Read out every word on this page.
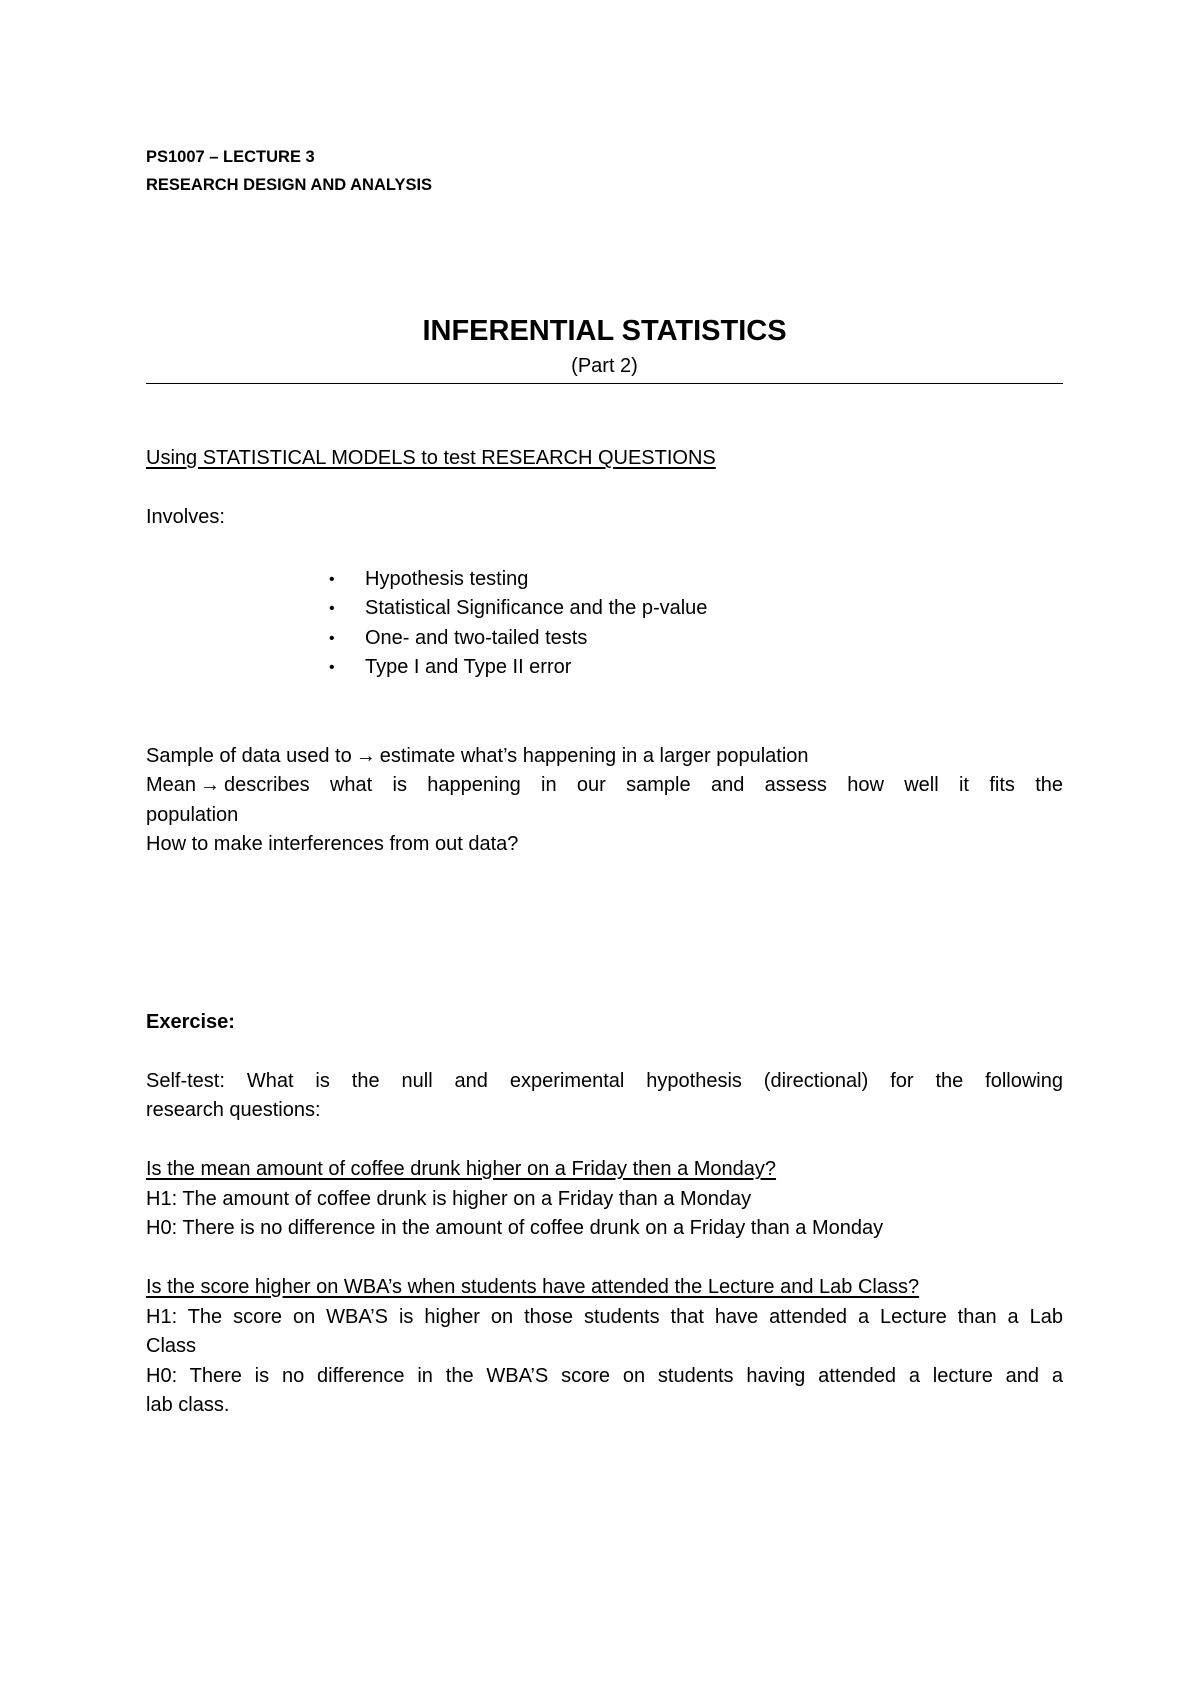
PS1007 – LECTURE 3

RESEARCH DESIGN AND ANALYSIS

INFERENTIAL STATISTICS

(Part 2)

Using STATISTICAL MODELS to test RESEARCH QUESTIONS

Involves:

• Hypothesis testing
• Statistical Significance and the p-value
• One- and two-tailed tests
• Type I and Type II error

Sample of data used to → estimate what’s happening in a larger population

Mean → describes what is happening in our sample and assess how well it fits the

population

How to make interferences from out data?

Exercise:

Self-test: What is the null and experimental hypothesis (directional) for the following

research questions:

Is the mean amount of coffee drunk higher on a Friday then a Monday?

H1: The amount of coffee drunk is higher on a Friday than a Monday

H0: There is no difference in the amount of coffee drunk on a Friday than a Monday

Is the score higher on WBA’s when students have attended the Lecture and Lab Class?

H1: The score on WBA’S is higher on those students that have attended a Lecture than a Lab

Class

H0: There is no difference in the WBA’S score on students having attended a lecture and a

lab class.
